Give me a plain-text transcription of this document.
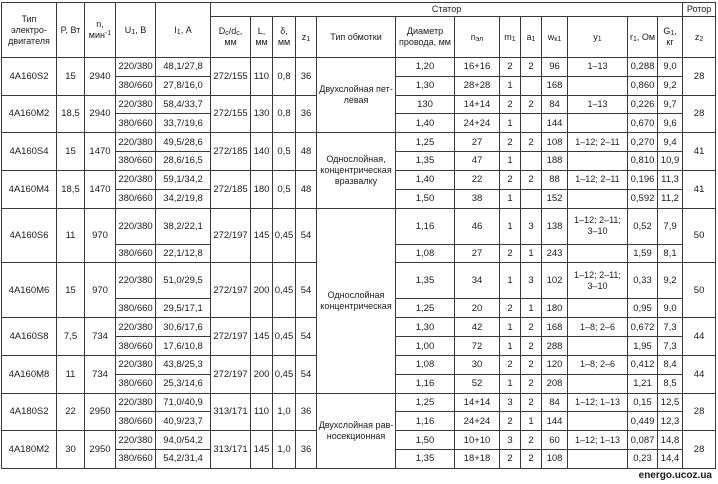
Тип электро-двигателя	P, Вт	n, мин$^{-1}$	$U_1$, В	$I_1$, А	Статор													Ротор
					$D_c/d_c$, мм	L, мм	δ, мм	$z_1$	Тип обмотки	Диаметр провода, мм	$n_{эл}$	$m_1$	$a_1$	$w_{к1}$	$y_1$	$r_1$, Ом	$G_1$, кг	$z_2$
4A160S2	15	2940	220/380	48,1/27,8	272/155	110	0,8	36	Двухслойная пет-левая	1,20	16+16	2	2	96	1–13	0,288	9,0	28
			380/660	27,8/16,0						1,30	28+28	1		168		0,860	9,2	
4A160M2	18,5	2940	220/380	58,4/33,7	272/155	130	0,8	36		130	14+14	2	2	84	1–13	0,226	9,7	28
			380/660	33,7/19,6						1,40	24+24	1		144		0,670	9,6	
4A160S4	15	1470	220/380	49,5/28,6	272/185	140	0,5	48	Однослойная, концентрическая вразвалку	1,25	27	2	2	108	1–12; 2–11	0,270	9,4	41
			380/660	28,6/16,5						1,35	47	1		188		0,810	10,9	
4A160M4	18,5	1470	220/380	59,1/34,2	272/185	180	0,5	48		1,40	22	2	2	88	1–12; 2–11	0,196	11,3	41
			380/660	34,2/19,8						1,50	38	1		152		0,592	11,2	
4A160S6	11	970	220/380	38,2/22,1	272/197	145	0,45	54	Однослойная концентрическая	1,16	46	1	3	138	1–12; 2–11; 3–10	0,52	7,9	50
			380/660	22,1/12,8						1,08	27	2	1	243		1,59	8,1	
4A160M6	15	970	220/380	51,0/29,5	272/197	200	0,45	54		1,35	34	1	3	102	1–12; 2–11; 3–10	0,33	9,2	50
			380/660	29,5/17,1						1,25	20	2	1	180		0,95	9,0	
4A160S8	7,5	734	220/380	30,6/17,6	272/197	145	0,45	54		1,30	42	1	2	168	1–8; 2–6	0,672	7,3	44
			380/660	17,6/10,8						1,00	72	1	2	288		1,95	7,3	
4A160M8	11	734	220/380	43,8/25,3	272/197	200	0,45	54		1,08	30	2	2	120	1–8; 2–6	0,412	8,4	44
			380/660	25,3/14,6						1,16	52	1	2	208		1,21	8,5	
4A180S2	22	2950	220/380	71,0/40,9	313/171	110	1,0	36	Двухслойная рав-носекционная	1,25	14+14	3	2	84	1–12; 1–13	0,15	12,5	28
			380/660	40,9/23,7						1,16	24+24	2	1	144		0,449	12,3	
4A180M2	30	2950	220/380	94,0/54,2	313/171	145	1,0	36		1,50	10+10	3	2	60	1–12; 1–13	0,087	14,8	28
			380/660	54,2/31,4						1,35	18+18	2	2	108		0,23	14,4	
energo.ucoz.ua
